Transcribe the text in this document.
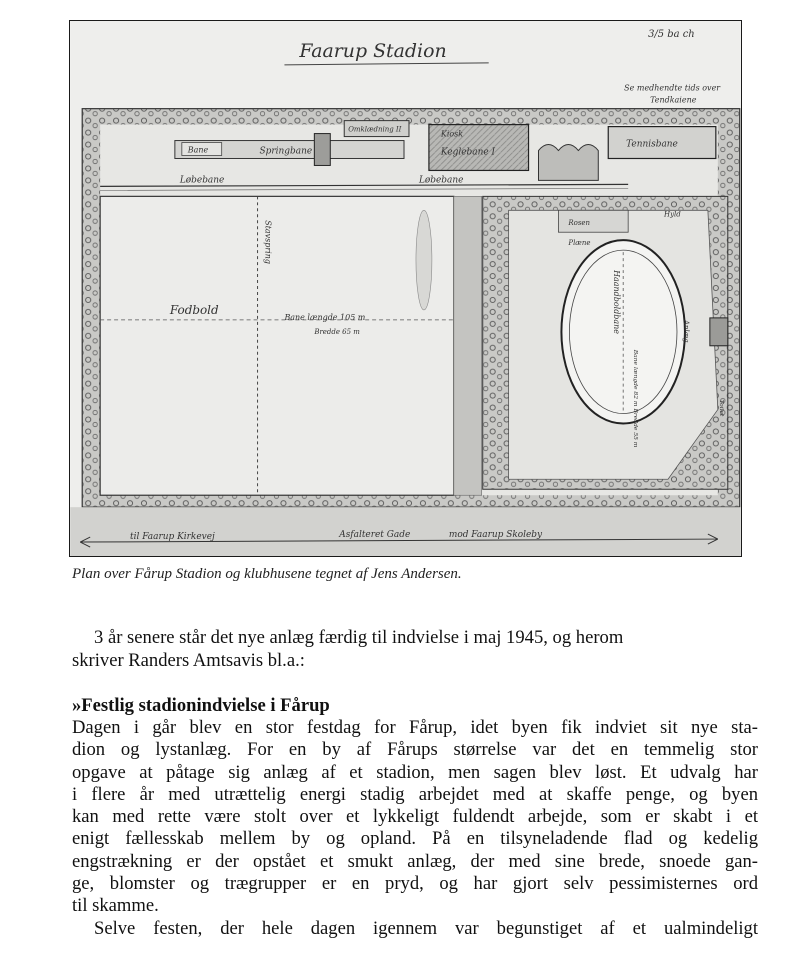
Faarup Stadion
3/5 ba ch
Se medhendte tids over
Tendkaiene
Bane	Springbane
Omklædning II	Kiosk
Keglebane I
Tennisbane
Løbebane	Løbebane
Fodbold
Bane længde 105 m
Bredde 65 m
Stavspring	Rosen
Plæne
Haandboldbane
Bane længde 82 m Bredde 55 m
Hyld
Anlæg
Toilet
til Faarup Kirkevej	Asfalteret Gade	mod Faarup Skoleby
Plan over Fårup Stadion og klubhusene tegnet af Jens Andersen.

3 år senere står det nye anlæg færdig til indvielse i maj 1945, og herom
skriver Randers Amtsavis bl.a.:

»Festlig stadionindvielse i Fårup
Dagen i går blev en stor festdag for Fårup, idet byen fik indviet sit nye sta-
dion og lystanlæg. For en by af Fårups størrelse var det en temmelig stor
opgave at påtage sig anlæg af et stadion, men sagen blev løst. Et udvalg har
i flere år med utrættelig energi stadig arbejdet med at skaffe penge, og byen
kan med rette være stolt over et lykkeligt fuldendt arbejde, som er skabt i et
enigt fællesskab mellem by og opland. På en tilsyneladende flad og kedelig
engstrækning er der opstået et smukt anlæg, der med sine brede, snoede gan-
ge, blomster og trægrupper er en pryd, og har gjort selv pessimisternes ord
til skamme.
Selve festen, der hele dagen igennem var begunstiget af et ualmindeligt
